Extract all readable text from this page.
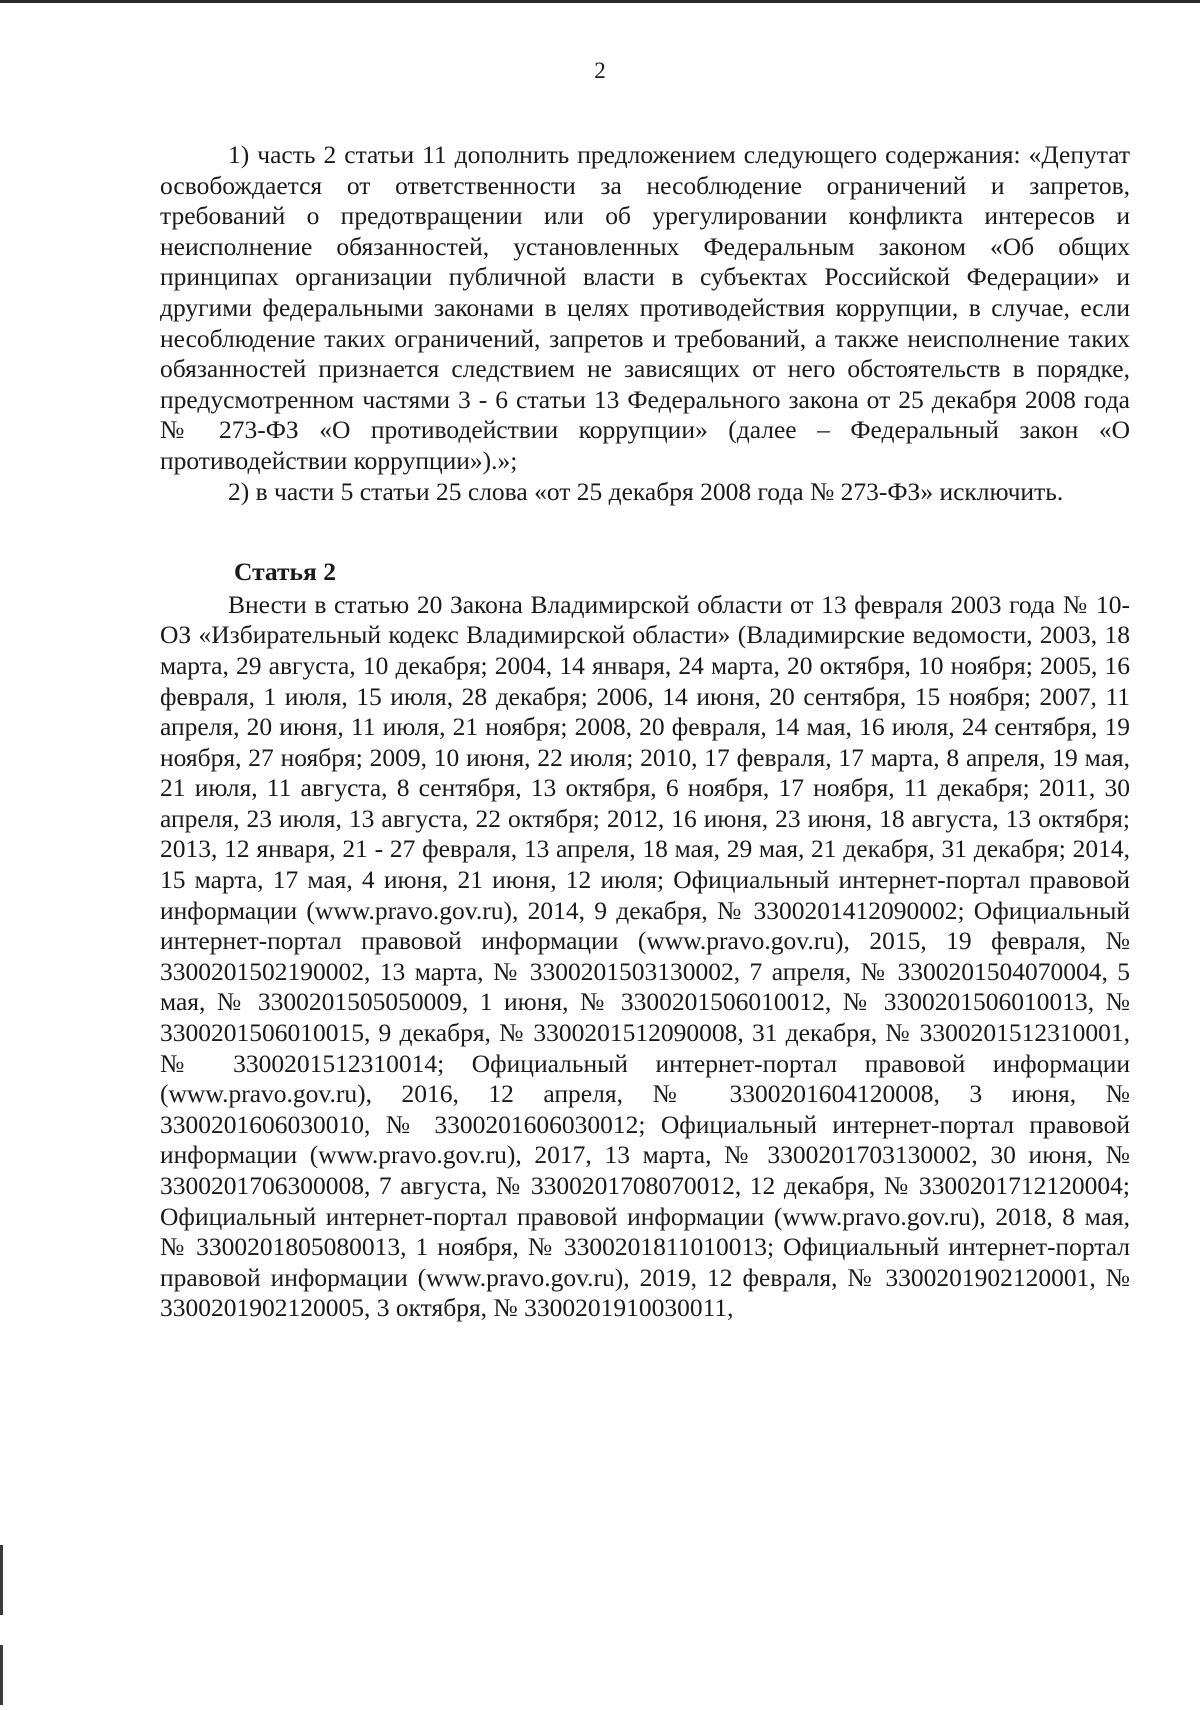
2

1) часть 2 статьи 11 дополнить предложением следующего содержания: «Депутат освобождается от ответственности за несоблюдение ограничений и запретов, требований о предотвращении или об урегулировании конфликта интересов и неисполнение обязанностей, установленных Федеральным законом «Об общих принципах организации публичной власти в субъектах Российской Федерации» и другими федеральными законами в целях противодействия коррупции, в случае, если несоблюдение таких ограничений, запретов и требований, а также неисполнение таких обязанностей признается следствием не зависящих от него обстоятельств в порядке, предусмотренном частями 3 - 6 статьи 13 Федерального закона от 25 декабря 2008 года № 273-ФЗ «О противодействии коррупции» (далее – Федеральный закон «О противодействии коррупции»).»;

2) в части 5 статьи 25 слова «от 25 декабря 2008 года № 273-ФЗ» исключить.

Статья 2

Внести в статью 20 Закона Владимирской области от 13 февраля 2003 года № 10-ОЗ «Избирательный кодекс Владимирской области» (Владимирские ведомости, 2003, 18 марта, 29 августа, 10 декабря; 2004, 14 января, 24 марта, 20 октября, 10 ноября; 2005, 16 февраля, 1 июля, 15 июля, 28 декабря; 2006, 14 июня, 20 сентября, 15 ноября; 2007, 11 апреля, 20 июня, 11 июля, 21 ноября; 2008, 20 февраля, 14 мая, 16 июля, 24 сентября, 19 ноября, 27 ноября; 2009, 10 июня, 22 июля; 2010, 17 февраля, 17 марта, 8 апреля, 19 мая, 21 июля, 11 августа, 8 сентября, 13 октября, 6 ноября, 17 ноября, 11 декабря; 2011, 30 апреля, 23 июля, 13 августа, 22 октября; 2012, 16 июня, 23 июня, 18 августа, 13 октября; 2013, 12 января, 21 - 27 февраля, 13 апреля, 18 мая, 29 мая, 21 декабря, 31 декабря; 2014, 15 марта, 17 мая, 4 июня, 21 июня, 12 июля; Официальный интернет-портал правовой информации (www.pravo.gov.ru), 2014, 9 декабря, № 3300201412090002; Официальный интернет-портал правовой информации (www.pravo.gov.ru), 2015, 19 февраля, № 3300201502190002, 13 марта, № 3300201503130002, 7 апреля, № 3300201504070004, 5 мая, № 3300201505050009, 1 июня, № 3300201506010012, № 3300201506010013, № 3300201506010015, 9 декабря, № 3300201512090008, 31 декабря, № 3300201512310001, № 3300201512310014; Официальный интернет-портал правовой информации (www.pravo.gov.ru), 2016, 12 апреля, № 3300201604120008, 3 июня, № 3300201606030010, № 3300201606030012; Официальный интернет-портал правовой информации (www.pravo.gov.ru), 2017, 13 марта, № 3300201703130002, 30 июня, № 3300201706300008, 7 августа, № 3300201708070012, 12 декабря, № 3300201712120004; Официальный интернет-портал правовой информации (www.pravo.gov.ru), 2018, 8 мая, № 3300201805080013, 1 ноября, № 3300201811010013; Официальный интернет-портал правовой информации (www.pravo.gov.ru), 2019, 12 февраля, № 3300201902120001, № 3300201902120005, 3 октября, № 3300201910030011,
